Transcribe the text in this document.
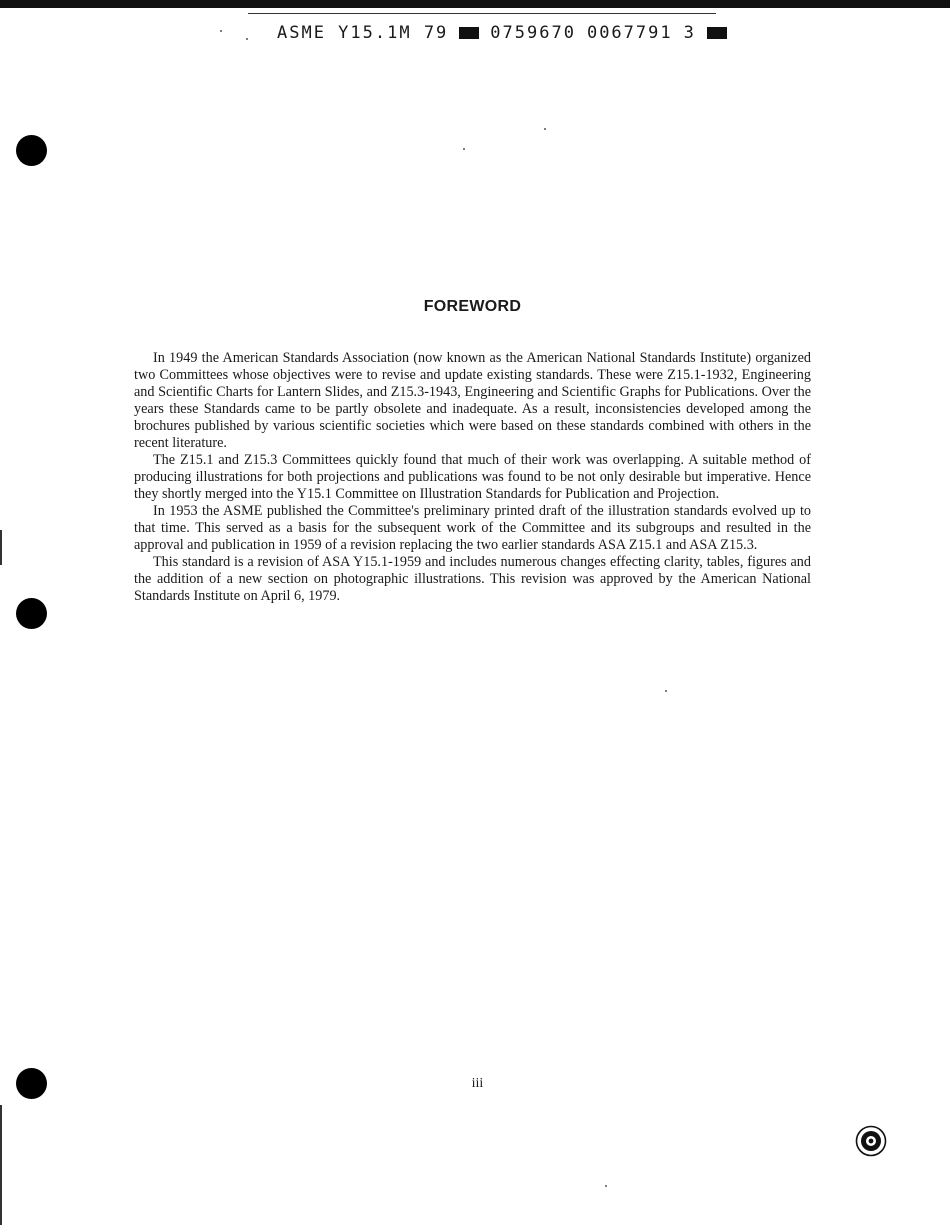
ASME Y15.1M 79 0759670 0067791 3
FOREWORD

In 1949 the American Standards Association (now known as the American National Standards Institute) organized two Committees whose objectives were to revise and update existing standards. These were Z15.1-1932, Engineering and Scientific Charts for Lantern Slides, and Z15.3-1943, Engineering and Scientific Graphs for Publications. Over the years these Standards came to be partly obsolete and inadequate. As a result, inconsistencies developed among the brochures published by various scientific societies which were based on these standards combined with others in the recent literature.

The Z15.1 and Z15.3 Committees quickly found that much of their work was overlapping. A suitable method of producing illustrations for both projections and publications was found to be not only desirable but imperative. Hence they shortly merged into the Y15.1 Committee on Illustration Standards for Publication and Projection.

In 1953 the ASME published the Committee's preliminary printed draft of the illustration standards evolved up to that time. This served as a basis for the subsequent work of the Committee and its subgroups and resulted in the approval and publication in 1959 of a revision replacing the two earlier standards ASA Z15.1 and ASA Z15.3.

This standard is a revision of ASA Y15.1-1959 and includes numerous changes effecting clarity, tables, figures and the addition of a new section on photographic illustrations. This revision was approved by the American National Standards Institute on April 6, 1979.

iii
